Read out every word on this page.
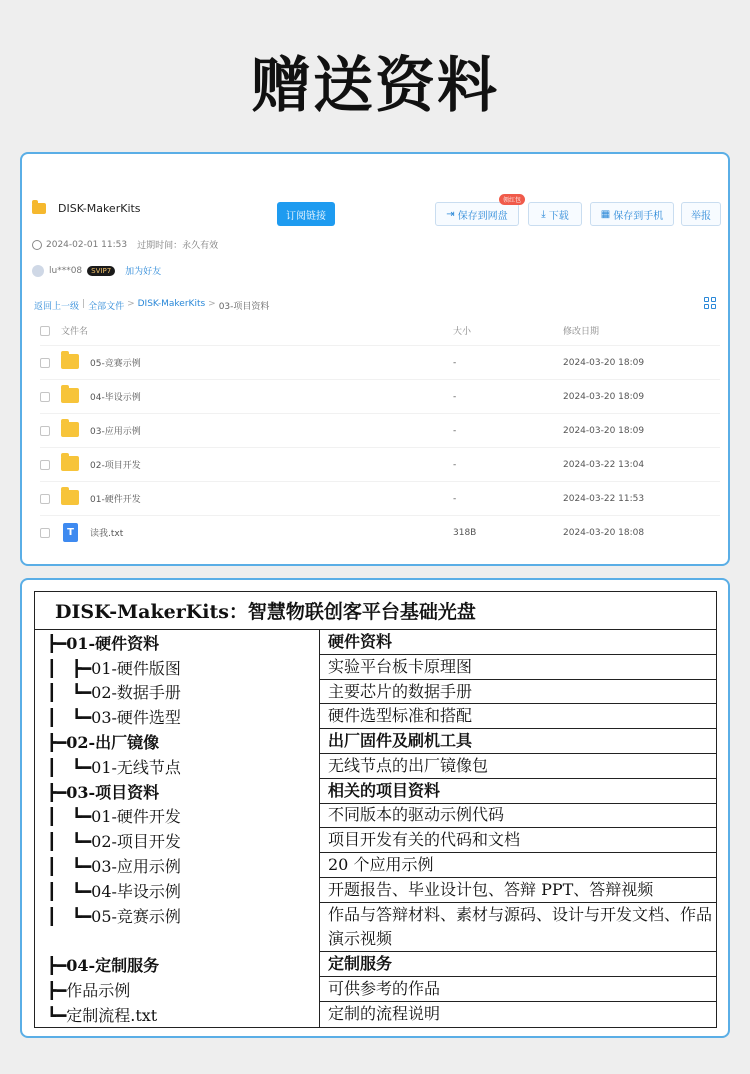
赠送资料
DISK-MakerKits
订阅链接	⇥ 保存到网盘
领红包
⤓ 下载	▦ 保存到手机	举报
2024-02-01 11:53 过期时间：永久有效
lu***08	SVIP7	加为好友
返回上一级 | 全部文件 > DISK-MakerKits > 03-项目资料
文件名	大小	修改日期
05-竞赛示例	-	2024-03-20 18:09
04-毕设示例	-	2024-03-20 18:09
03-应用示例	-	2024-03-20 18:09
02-项目开发	-	2024-03-22 13:04
01-硬件开发	-	2024-03-22 11:53
T	读我.txt	318B	2024-03-20 18:08
DISK-MakerKits：智慧物联创客平台基础光盘
┣━01-硬件资料	硬件资料
┃   ┣━01-硬件版图	实验平台板卡原理图
┃   ┗━02-数据手册	主要芯片的数据手册
┃   ┗━03-硬件选型	硬件选型标准和搭配
┣━02-出厂镜像	出厂固件及刷机工具
┃   ┗━01-无线节点	无线节点的出厂镜像包
┣━03-项目资料	相关的项目资料
┃   ┗━01-硬件开发	不同版本的驱动示例代码
┃   ┗━02-项目开发	项目开发有关的代码和文档
┃   ┗━03-应用示例	20 个应用示例
┃   ┗━04-毕设示例	开题报告、毕业设计包、答辩 PPT、答辩视频
┃   ┗━05-竞赛示例	作品与答辩材料、素材与源码、设计与开发文档、作品演示视频
┣━04-定制服务	定制服务
┣━作品示例	可供参考的作品
┗━定制流程.txt	定制的流程说明
